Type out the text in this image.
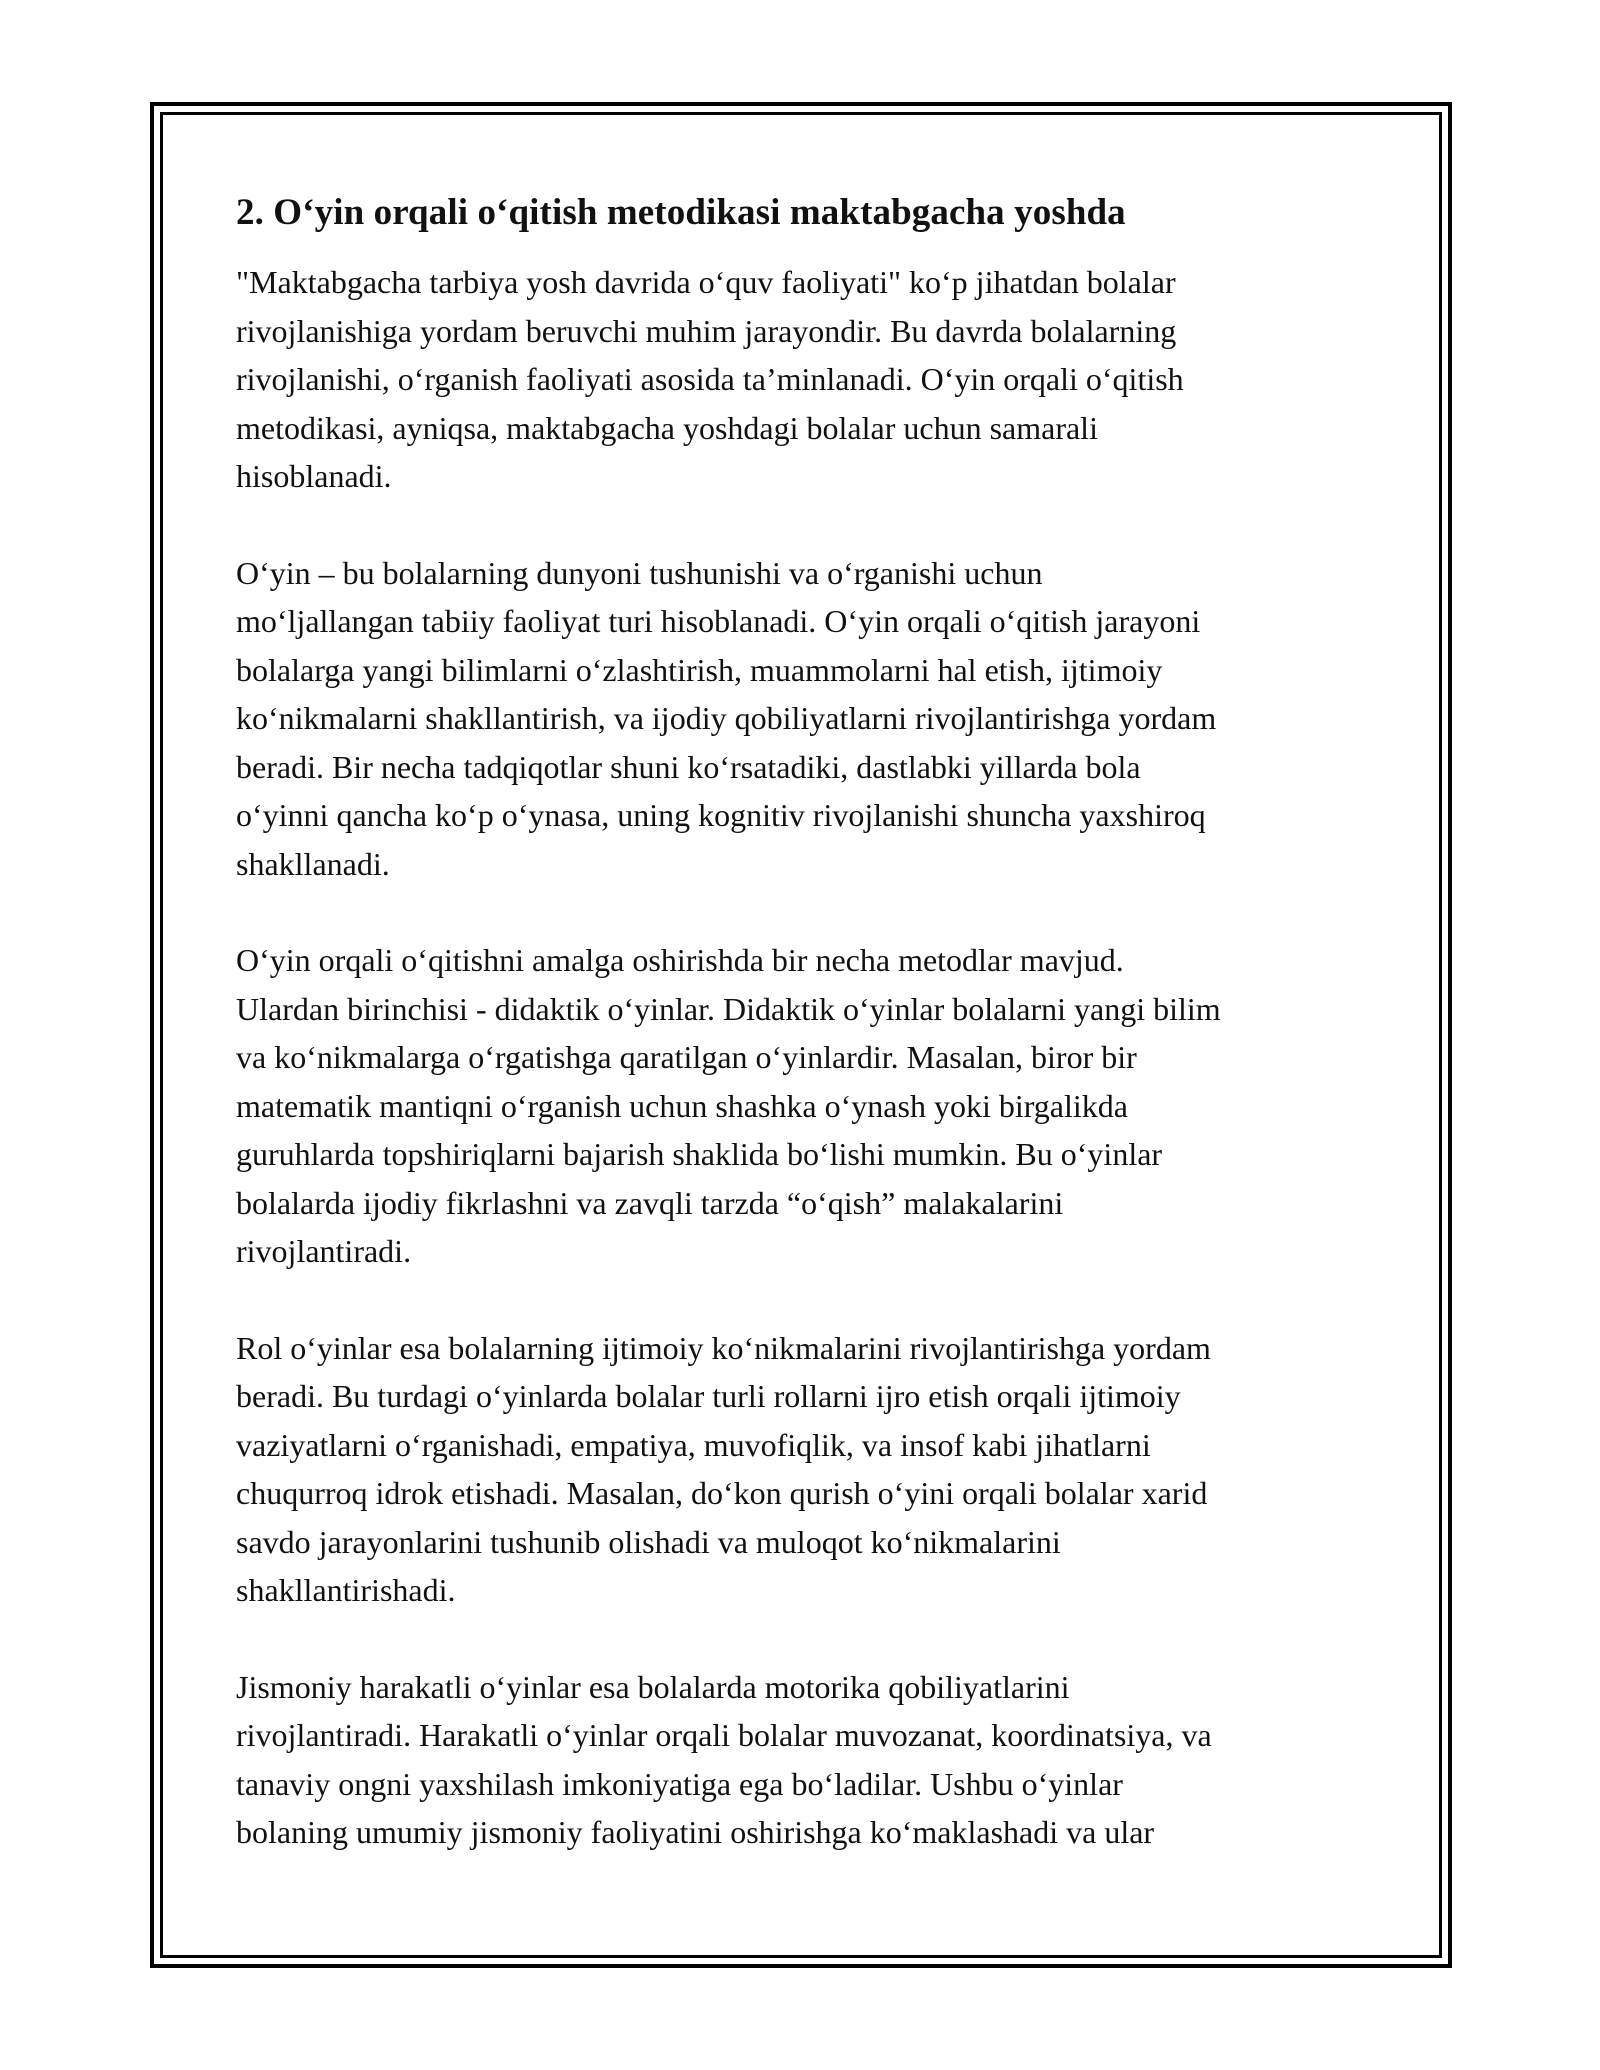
2. Oʻyin orqali oʻqitish metodikasi maktabgacha yoshda

"Maktabgacha tarbiya yosh davrida oʻquv faoliyati" koʻp jihatdan bolalar
rivojlanishiga yordam beruvchi muhim jarayondir. Bu davrda bolalarning
rivojlanishi, oʻrganish faoliyati asosida taʼminlanadi. Oʻyin orqali oʻqitish
metodikasi, ayniqsa, maktabgacha yoshdagi bolalar uchun samarali
hisoblanadi.

Oʻyin – bu bolalarning dunyoni tushunishi va oʻrganishi uchun
moʻljallangan tabiiy faoliyat turi hisoblanadi. Oʻyin orqali oʻqitish jarayoni
bolalarga yangi bilimlarni oʻzlashtirish, muammolarni hal etish, ijtimoiy
koʻnikmalarni shakllantirish, va ijodiy qobiliyatlarni rivojlantirishga yordam
beradi. Bir necha tadqiqotlar shuni koʻrsatadiki, dastlabki yillarda bola
oʻyinni qancha koʻp oʻynasa, uning kognitiv rivojlanishi shuncha yaxshiroq
shakllanadi.

Oʻyin orqali oʻqitishni amalga oshirishda bir necha metodlar mavjud.
Ulardan birinchisi - didaktik oʻyinlar. Didaktik oʻyinlar bolalarni yangi bilim
va koʻnikmalarga oʻrgatishga qaratilgan oʻyinlardir. Masalan, biror bir
matematik mantiqni oʻrganish uchun shashka oʻynash yoki birgalikda
guruhlarda topshiriqlarni bajarish shaklida boʻlishi mumkin. Bu oʻyinlar
bolalarda ijodiy fikrlashni va zavqli tarzda “oʻqish” malakalarini
rivojlantiradi.

Rol oʻyinlar esa bolalarning ijtimoiy koʻnikmalarini rivojlantirishga yordam
beradi. Bu turdagi oʻyinlarda bolalar turli rollarni ijro etish orqali ijtimoiy
vaziyatlarni oʻrganishadi, empatiya, muvofiqlik, va insof kabi jihatlarni
chuqurroq idrok etishadi. Masalan, doʻkon qurish oʻyini orqali bolalar xarid
savdo jarayonlarini tushunib olishadi va muloqot koʻnikmalarini
shakllantirishadi.

Jismoniy harakatli oʻyinlar esa bolalarda motorika qobiliyatlarini
rivojlantiradi. Harakatli oʻyinlar orqali bolalar muvozanat, koordinatsiya, va
tanaviy ongni yaxshilash imkoniyatiga ega boʻladilar. Ushbu oʻyinlar
bolaning umumiy jismoniy faoliyatini oshirishga koʻmaklashadi va ular
